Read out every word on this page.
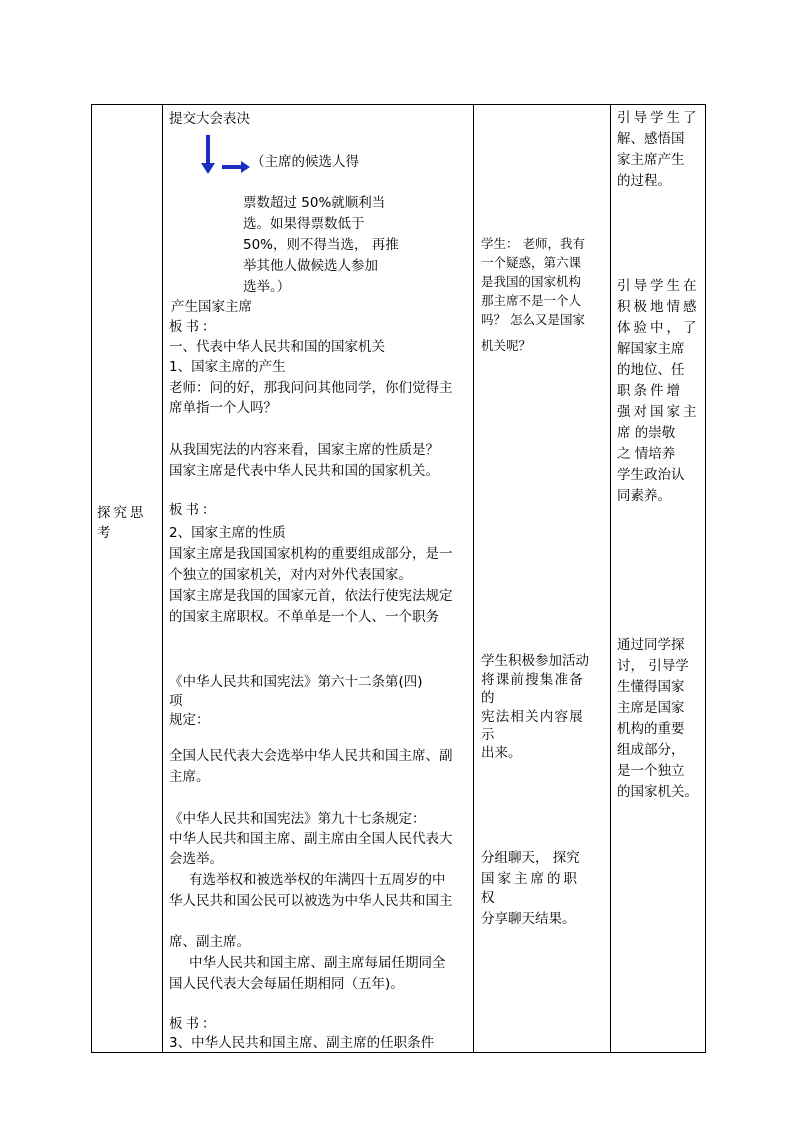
探究思考
提交大会表决
（主席的候选人得
票数超过 50%就顺利当
选。如果得票数低于
50%，则不得当选， 再推
举其他人做候选人参加
选举。）
产生国家主席
板书：
一、代表中华人民共和国的国家机关
1、国家主席的产生
老师：问的好，那我问问其他同学，你们觉得主
席单指一个人吗？
从我国宪法的内容来看，国家主席的性质是？
国家主席是代表中华人民共和国的国家机关。
板书：
2、国家主席的性质
国家主席是我国国家机构的重要组成部分，是一
个独立的国家机关，对内对外代表国家。
国家主席是我国的国家元首，依法行使宪法规定
的国家主席职权。不单单是一个人、一个职务
《中华人民共和国宪法》第六十二条第(四)
项
规定：
全国人民代表大会选举中华人民共和国主席、副
主席。
《中华人民共和国宪法》第九十七条规定：
中华人民共和国主席、副主席由全国人民代表大
会选举。
有选举权和被选举权的年满四十五周岁的中
华人民共和国公民可以被选为中华人民共和国主
席、副主席。
中华人民共和国主席、副主席每届任期同全
国人民代表大会每届任期相同（五年)。
板书：
3、中华人民共和国主席、副主席的任职条件
学生： 老师，我有
一个疑惑，第六课
是我国的国家机构
那主席不是一个人
吗？ 怎么又是国家
机关呢？
学生积极参加活动
将课前搜集准备
的
宪法相关内容展
示
出来。
分组聊天， 探究
国家主席的职
权
分享聊天结果。
引导学生了
解、感悟国
家主席产生
的过程。
引导学生在
积极地情感
体验中，了
解国家主席
的地位、任
职条件增
强对国家主
席 的崇敬
之 情培养
学生政治认
同素养。
通过同学探
讨， 引导学
生懂得国家
主席是国家
机构的重要
组成部分，
是一个独立
的国家机关。
